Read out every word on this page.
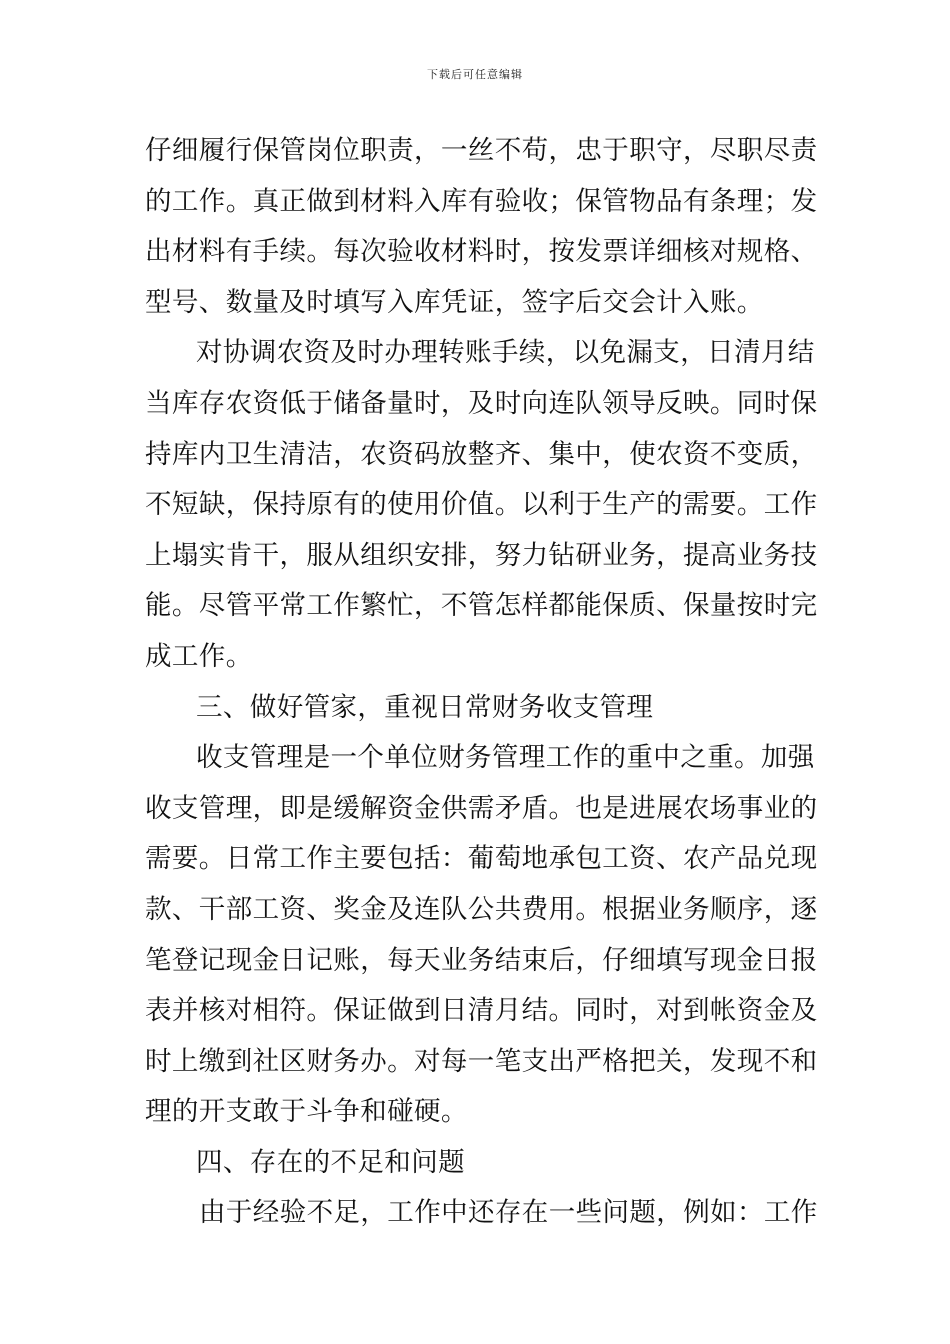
下载后可任意编辑
仔细履行保管岗位职责，一丝不苟，忠于职守，尽职尽责
的工作。真正做到材料入库有验收；保管物品有条理；发
出材料有手续。每次验收材料时，按发票详细核对规格、
型号、数量及时填写入库凭证，签字后交会计入账。
对协调农资及时办理转账手续，以免漏支，日清月结
当库存农资低于储备量时，及时向连队领导反映。同时保
持库内卫生清洁，农资码放整齐、集中，使农资不变质，
不短缺，保持原有的使用价值。以利于生产的需要。工作
上塌实肯干，服从组织安排，努力钻研业务，提高业务技
能。尽管平常工作繁忙，不管怎样都能保质、保量按时完
成工作。
三、做好管家，重视日常财务收支管理
收支管理是一个单位财务管理工作的重中之重。加强
收支管理，即是缓解资金供需矛盾。也是进展农场事业的
需要。日常工作主要包括：葡萄地承包工资、农产品兑现
款、干部工资、奖金及连队公共费用。根据业务顺序，逐
笔登记现金日记账，每天业务结束后，仔细填写现金日报
表并核对相符。保证做到日清月结。同时，对到帐资金及
时上缴到社区财务办。对每一笔支出严格把关，发现不和
理的开支敢于斗争和碰硬。
四、存在的不足和问题
由于经验不足，工作中还存在一些问题，例如：工作
